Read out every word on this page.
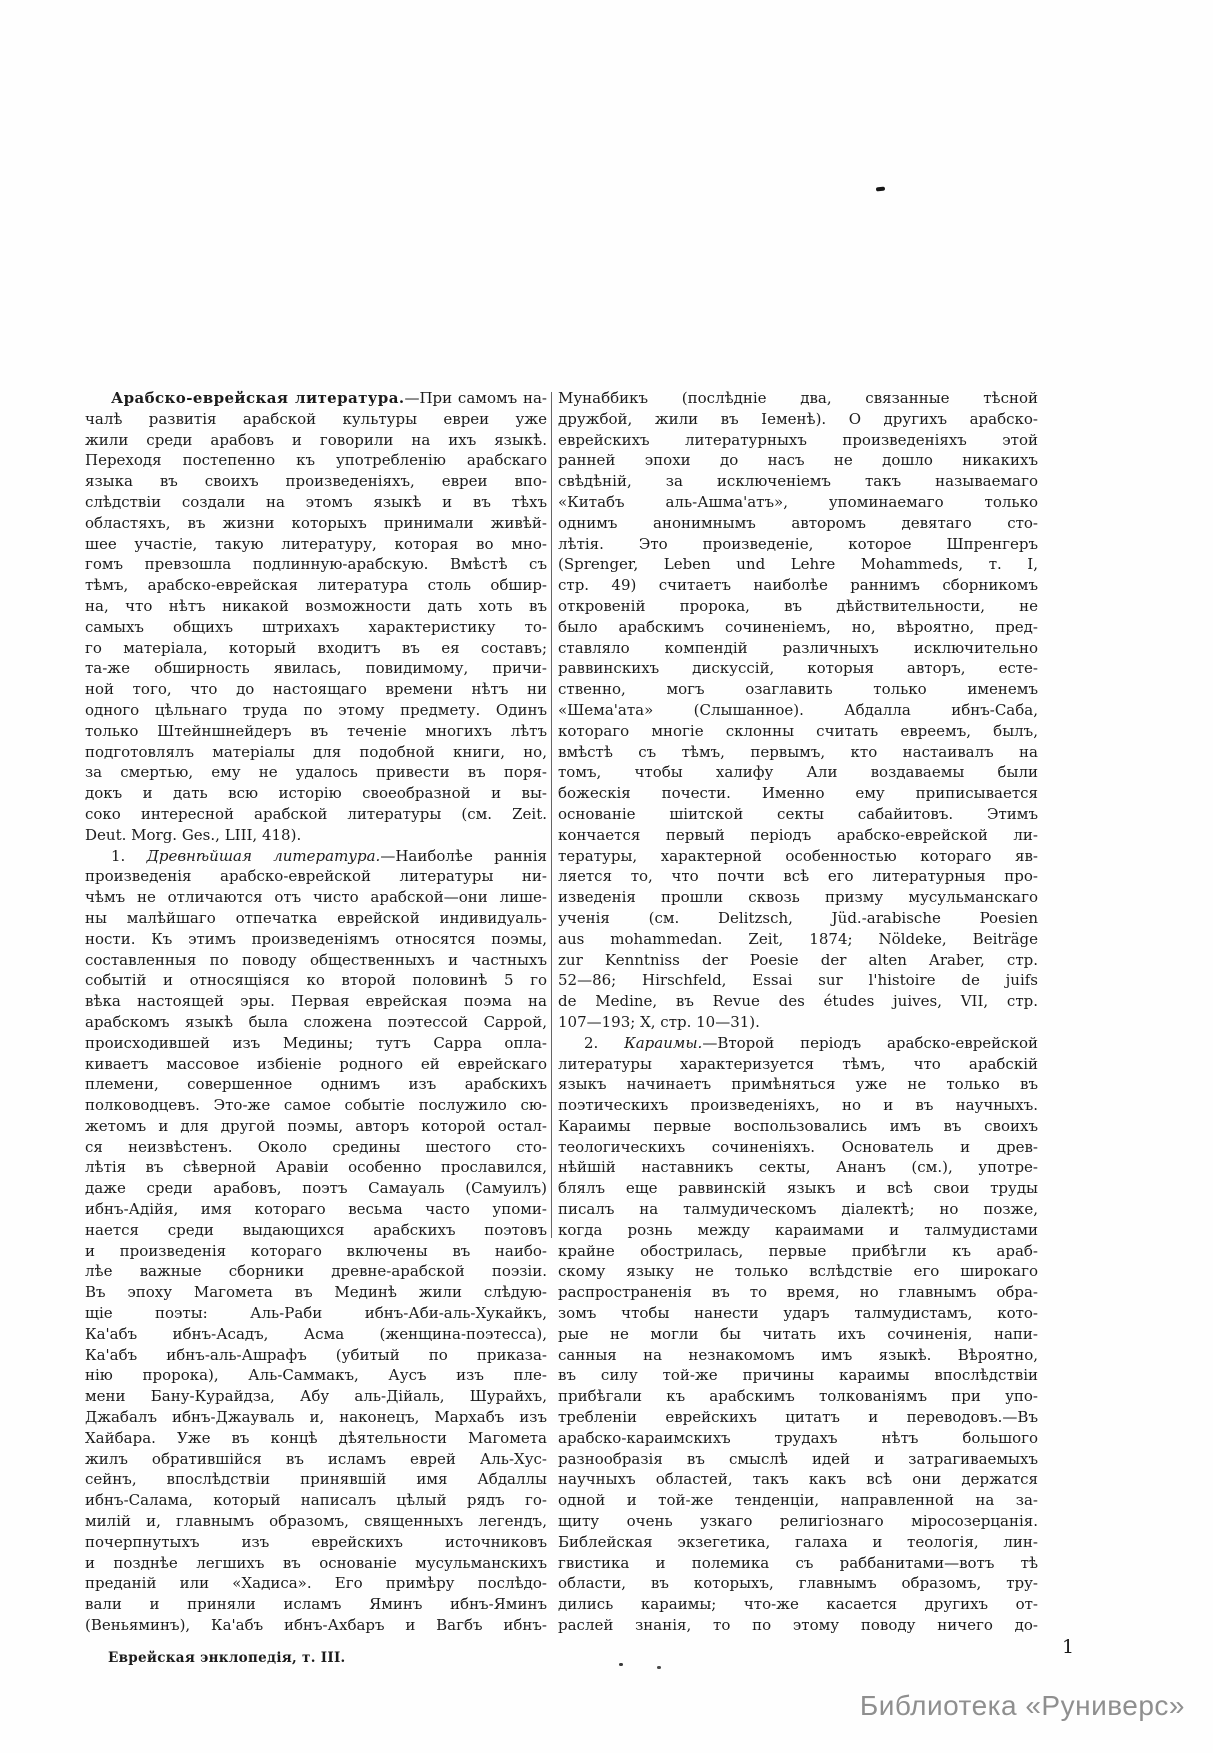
Арабско-еврейская литература.—При самомъ на-
чалѣ развитія арабской культуры евреи уже
жили среди арабовъ и говорили на ихъ языкѣ.
Переходя постепенно къ употребленію арабскаго
языка въ своихъ произведеніяхъ, евреи впо-
слѣдствіи создали на этомъ языкѣ и въ тѣхъ
областяхъ, въ жизни которыхъ принимали живѣй-
шее участіе, такую литературу, которая во мно-
гомъ превзошла подлинную-арабскую. Вмѣстѣ съ
тѣмъ, арабско-еврейская литература столь обшир-
на, что нѣтъ никакой возможности дать хоть въ
самыхъ общихъ штрихахъ характеристику то-
го матеріала, который входитъ въ ея составъ;
та-же обширность явилась, повидимому, причи-
ной того, что до настоящаго времени нѣтъ ни
одного цѣльнаго труда по этому предмету. Одинъ
только Штейншнейдеръ въ теченіе многихъ лѣтъ
подготовлялъ матеріалы для подобной книги, но,
за смертью, ему не удалось привести въ поря-
докъ и дать всю исторію своеобразной и вы-
соко интересной арабской литературы (см. Zeit.
Deut. Morg. Ges., LIII, 418).
1. Древнѣйшая литература.—Наиболѣе раннія
произведенія арабско-еврейской литературы ни-
чѣмъ не отличаются отъ чисто арабской—они лише-
ны малѣйшаго отпечатка еврейской индивидуаль-
ности. Къ этимъ произведеніямъ относятся поэмы,
составленныя по поводу общественныхъ и частныхъ
событій и относящіяся ко второй половинѣ 5 го
вѣка настоящей эры. Первая еврейская поэма на
арабскомъ языкѣ была сложена поэтессой Саррой,
происходившей изъ Медины; тутъ Сарра опла-
киваетъ массовое избіеніе родного ей еврейскаго
племени, совершенное однимъ изъ арабскихъ
полководцевъ. Это-же самое событіе послужило сю-
жетомъ и для другой поэмы, авторъ которой остал-
ся неизвѣстенъ. Около средины шестого сто-
лѣтія въ сѣверной Аравіи особенно прославился,
даже среди арабовъ, поэтъ Самауаль (Самуилъ)
ибнъ-Адійя, имя котораго весьма часто упоми-
нается среди выдающихся арабскихъ поэтовъ
и произведенія котораго включены въ наибо-
лѣе важные сборники древне-арабской поэзіи.
Въ эпоху Магомета въ Мединѣ жили слѣдую-
щіе поэты: Аль-Раби ибнъ-Аби-аль-Хукайкъ,
Ка'абъ ибнъ-Асадъ, Асма (женщина-поэтесса),
Ка'абъ ибнъ-аль-Ашрафъ (убитый по приказа-
нію пророка), Аль-Саммакъ, Аусъ изъ пле-
мени Бану-Курайдза, Абу аль-Дійаль, Шурайхъ,
Джабалъ ибнъ-Джауваль и, наконецъ, Мархабъ изъ
Хайбара. Уже въ концѣ дѣятельности Магомета
жилъ обратившійся въ исламъ еврей Аль-Хус-
сейнъ, впослѣдствіи принявшій имя Абдаллы
ибнъ-Салама, который написалъ цѣлый рядъ го-
милій и, главнымъ образомъ, священныхъ легендъ,
почерпнутыхъ изъ еврейскихъ источниковъ
и позднѣе легшихъ въ основаніе мусульманскихъ
преданій или «Хадиса». Его примѣру послѣдо-
вали и приняли исламъ Яминъ ибнъ-Яминъ
(Веньяминъ), Ка'абъ ибнъ-Ахбаръ и Вагбъ ибнъ-
Мунаббикъ (послѣдніе два, связанные тѣсной
дружбой, жили въ Іеменѣ). О другихъ арабско-
еврейскихъ литературныхъ произведеніяхъ этой
ранней эпохи до насъ не дошло никакихъ
свѣдѣній, за исключеніемъ такъ называемаго
«Китабъ аль-Ашма'атъ», упоминаемаго только
однимъ анонимнымъ авторомъ девятаго сто-
лѣтія. Это произведеніе, которое Шпренгеръ
(Sprenger, Leben und Lehre Mohammeds, т. I,
стр. 49) считаетъ наиболѣе раннимъ сборникомъ
откровеній пророка, въ дѣйствительности, не
было арабскимъ сочиненіемъ, но, вѣроятно, пред-
ставляло компендій различныхъ исключительно
раввинскихъ дискуссій, которыя авторъ, есте-
ственно, могъ озаглавить только именемъ
«Шема'ата» (Слышанное). Абдалла ибнъ-Саба,
котораго многіе склонны считать евреемъ, былъ,
вмѣстѣ съ тѣмъ, первымъ, кто настаивалъ на
томъ, чтобы халифу Али воздаваемы были
божескія почести. Именно ему приписывается
основаніе шіитской секты сабайитовъ. Этимъ
кончается первый періодъ арабско-еврейской ли-
тературы, характерной особенностью котораго яв-
ляется то, что почти всѣ его литературныя про-
изведенія прошли сквозь призму мусульманскаго
ученія (см. Delitzsch, Jüd.-arabische Poesien
aus mohammedan. Zeit, 1874; Nöldeke, Beiträge
zur Kenntniss der Poesie der alten Araber, стр.
52—86; Hirschfeld, Essai sur l'histoire de juifs
de Medine, въ Revue des études juives, VII, стр.
107—193; X, стр. 10—31).
2. Караимы.—Второй періодъ арабско-еврейской
литературы характеризуется тѣмъ, что арабскій
языкъ начинаетъ примѣняться уже не только въ
поэтическихъ произведеніяхъ, но и въ научныхъ.
Караимы первые воспользовались имъ въ своихъ
теологическихъ сочиненіяхъ. Основатель и древ-
нѣйшій наставникъ секты, Ананъ (см.), употре-
блялъ еще раввинскій языкъ и всѣ свои труды
писалъ на талмудическомъ діалектѣ; но позже,
когда рознь между караимами и талмудистами
крайне обострилась, первые прибѣгли къ араб-
скому языку не только вслѣдствіе его широкаго
распространенія въ то время, но главнымъ обра-
зомъ чтобы нанести ударъ талмудистамъ, кото-
рые не могли бы читать ихъ сочиненія, напи-
санныя на незнакомомъ имъ языкѣ. Вѣроятно,
въ силу той-же причины караимы впослѣдствіи
прибѣгали къ арабскимъ толкованіямъ при упо-
требленіи еврейскихъ цитатъ и переводовъ.—Въ
арабско-караимскихъ трудахъ нѣтъ большого
разнообразія въ смыслѣ идей и затрагиваемыхъ
научныхъ областей, такъ какъ всѣ они держатся
одной и той-же тенденціи, направленной на за-
щиту очень узкаго религіознаго міросозерцанія.
Библейская экзегетика, галаха и теологія, лин-
гвистика и полемика съ раббанитами—вотъ тѣ
области, въ которыхъ, главнымъ образомъ, тру-
дились караимы; что-же касается другихъ от-
раслей знанія, то по этому поводу ничего до-
Еврейская энклопедія, т. III.	1
Библиотека «Руниверс»
